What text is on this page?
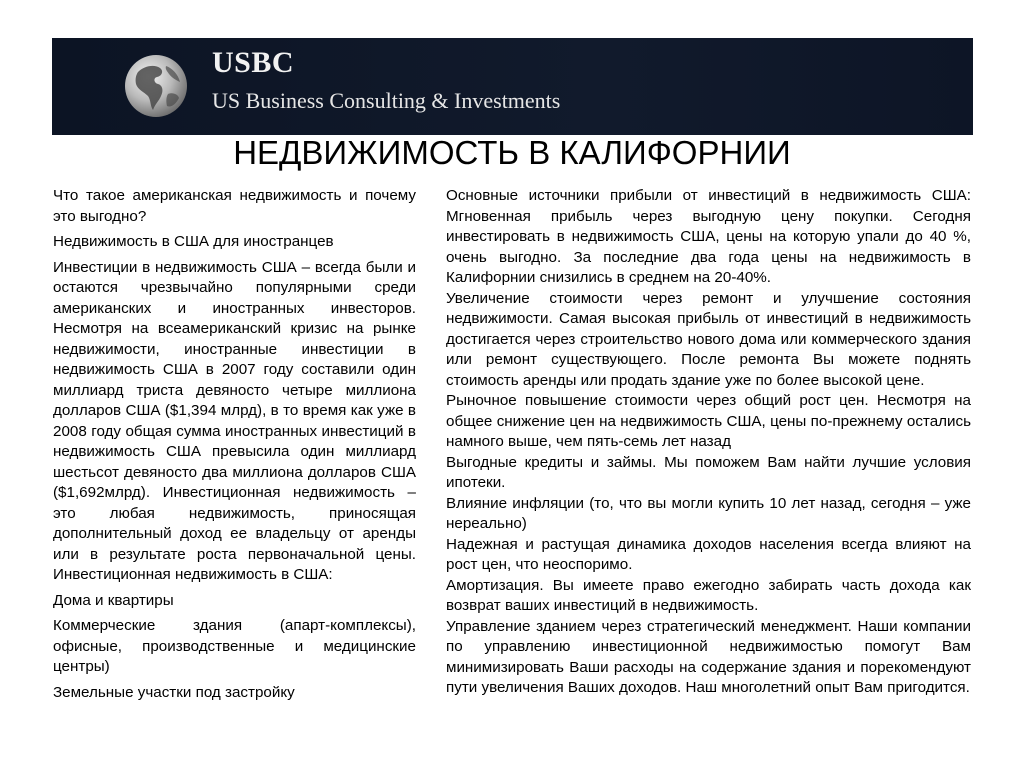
USBC
US Business Consulting & Investments
НЕДВИЖИМОСТЬ В КАЛИФОРНИИ

Что такое американская недвижимость и почему это выгодно?

Недвижимость в США для иностранцев

Инвестиции в недвижимость США – всегда были и остаются чрезвычайно популярными среди американских и иностранных инвесторов. Несмотря на всеамериканский кризис на рынке недвижимости, иностранные инвестиции в недвижимость США в 2007 году составили один миллиард триста девяносто четыре миллиона долларов США ($1,394 млрд), в то время как уже в 2008 году общая сумма иностранных инвестиций в недвижимость США превысила один миллиард шестьсот девяносто два миллиона долларов США ($1,692млрд). Инвестиционная недвижимость – это любая недвижимость, приносящая дополнительный доход ее владельцу от аренды или в результате роста первоначальной цены. Инвестиционная недвижимость в США:

Дома и квартиры

Коммерческие здания (апарт-комплексы), офисные, производственные и медицинские центры)

Земельные участки под застройку

Основные источники прибыли от инвестиций в недвижимость США: Мгновенная прибыль через выгодную цену покупки. Сегодня инвестировать в недвижимость США, цены на которую упали до 40 %, очень выгодно. За последние два года цены на недвижимость в Калифорнии снизились в среднем на 20-40%.

Увеличение стоимости через ремонт и улучшение состояния недвижимости. Самая высокая прибыль от инвестиций в недвижимость достигается через строительство нового дома или коммерческого здания или ремонт существующего. После ремонта Вы можете поднять стоимость аренды или продать здание уже по более высокой цене.

Рыночное повышение стоимости через общий рост цен. Несмотря на общее снижение цен на недвижимость США, цены по-прежнему остались намного выше, чем пять-семь лет назад

Выгодные кредиты и займы. Мы поможем Вам найти лучшие условия ипотеки.

Влияние инфляции (то, что вы могли купить 10 лет назад, сегодня – уже нереально)

Надежная и растущая динамика доходов населения всегда влияют на рост цен, что неоспоримо.

Амортизация. Вы имеете право ежегодно забирать часть дохода как возврат ваших инвестиций в недвижимость.

Управление зданием через стратегический менеджмент. Наши компании по управлению инвестиционной недвижимостью помогут Вам минимизировать Ваши расходы на содержание здания и порекомендуют пути увеличения Ваших доходов. Наш многолетний опыт Вам пригодится.
